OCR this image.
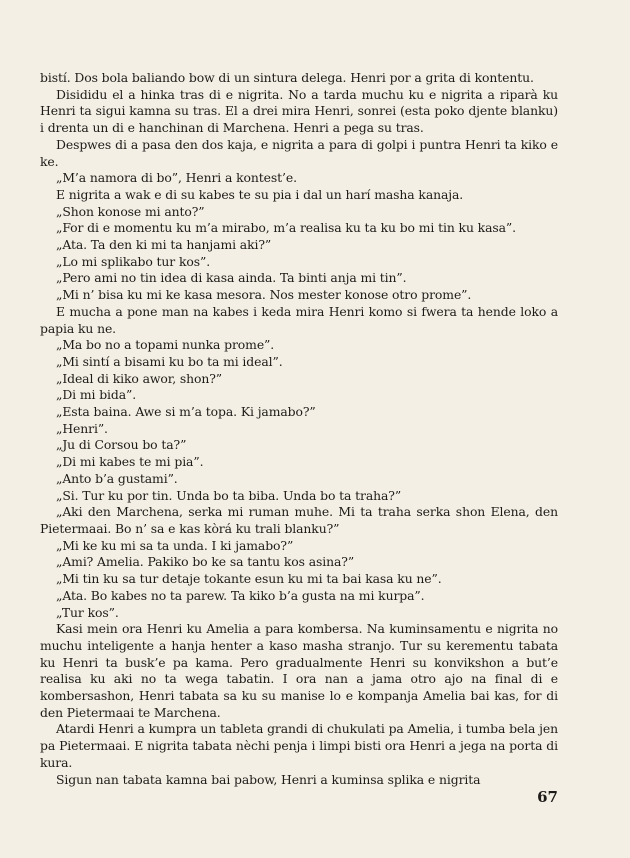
bistí. Dos bola baliando bow di un sintura delega. Henri por a grita di kontentu.

Disididu el a hinka tras di e nigrita. No a tarda muchu ku e nigrita a riparà ku Henri ta sigui kamna su tras. El a drei mira Henri, sonrei (esta poko djente blanku) i drenta un di e hanchinan di Marchena. Henri a pega su tras.

Despwes di a pasa den dos kaja, e nigrita a para di golpi i puntra Henri ta kiko e ke.

„M’a namora di bo”, Henri a kontest’e.

E nigrita a wak e di su kabes te su pia i dal un harí masha kanaja.

„Shon konose mi anto?”

„For di e momentu ku m’a mirabo, m’a realisa ku ta ku bo mi tin ku kasa”.

„Ata. Ta den ki mi ta hanjami aki?”

„Lo mi splikabo tur kos”.

„Pero ami no tin idea di kasa ainda. Ta binti anja mi tin”.

„Mi n’ bisa ku mi ke kasa mesora. Nos mester konose otro prome”.

E mucha a pone man na kabes i keda mira Henri komo si fwera ta hende loko a papia ku ne.

„Ma bo no a topami nunka prome”.

„Mi sintí a bisami ku bo ta mi ideal”.

„Ideal di kiko awor, shon?”

„Di mi bida”.

„Esta baina. Awe si m’a topa. Ki jamabo?”

„Henri”.

„Ju di Corsou bo ta?”

„Di mi kabes te mi pia”.

„Anto b’a gustami”.

„Si. Tur ku por tin. Unda bo ta biba. Unda bo ta traha?”

„Aki den Marchena, serka mi ruman muhe. Mi ta traha serka shon Elena, den Pietermaai. Bo n’ sa e kas kòrá ku trali blanku?”

„Mi ke ku mi sa ta unda. I ki jamabo?”

„Ami? Amelia. Pakiko bo ke sa tantu kos asina?”

„Mi tin ku sa tur detaje tokante esun ku mi ta bai kasa ku ne”.

„Ata. Bo kabes no ta parew. Ta kiko b’a gusta na mi kurpa”.

„Tur kos”.

Kasi mein ora Henri ku Amelia a para kombersa. Na kuminsamentu e nigrita no muchu inteligente a hanja henter a kaso masha stranjo. Tur su kerementu tabata ku Henri ta busk’e pa kama. Pero gradualmente Henri su konvikshon a but’e realisa ku aki no ta wega tabatin. I ora nan a jama otro ajo na final di e kombersashon, Henri tabata sa ku su manise lo e kompanja Amelia bai kas, for di den Pietermaai te Marchena.

Atardi Henri a kumpra un tableta grandi di chukulati pa Amelia, i tumba bela jen pa Pietermaai. E nigrita tabata nèchi penja i limpi bisti ora Henri a jega na porta di kura.

Sigun nan tabata kamna bai pabow, Henri a kuminsa splika e nigrita

67
